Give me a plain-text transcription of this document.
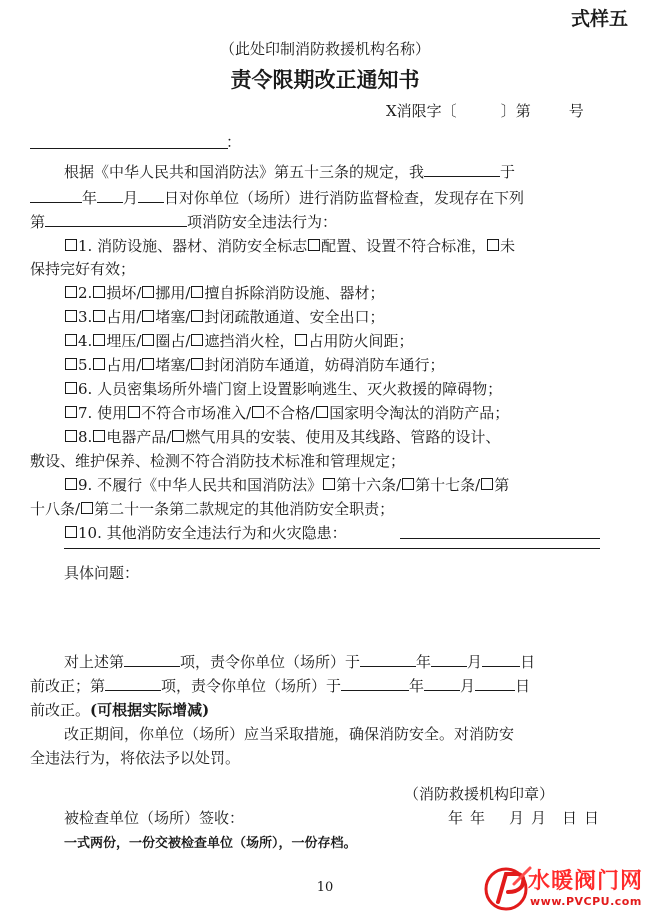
式样五
（此处印制消防救援机构名称）
责令限期改正通知书
X消限字〔	〕第	号
：
根据《中华人民共和国消防法》第五十三条的规定，我	于
年 月 日对你单位（场所）进行消防监督检查，发现存在下列
第	项消防安全违法行为：
1. 消防设施、器材、消防安全标志 配置、设置不符合标准， 未
保持完好有效；
2. 损坏/ 挪用/ 擅自拆除消防设施、器材；
3. 占用/ 堵塞/ 封闭疏散通道、安全出口；
4. 埋压/ 圈占/ 遮挡消火栓， 占用防火间距；
5. 占用/ 堵塞/ 封闭消防车通道，妨碍消防车通行；
6. 人员密集场所外墙门窗上设置影响逃生、灭火救援的障碍物；
7. 使用 不符合市场准入/ 不合格/ 国家明令淘汰的消防产品；
8. 电器产品/ 燃气用具的安装、使用及其线路、管路的设计、
敷设、维护保养、检测不符合消防技术标准和管理规定；
9. 不履行《中华人民共和国消防法》 第十六条/ 第十七条/ 第
十八条/ 第二十一条第二款规定的其他消防安全职责；
10. 其他消防安全违法行为和火灾隐患：
具体问题：
对上述第	项，责令你单位（场所）于	年 月	日
前改正；第	项，责令你单位（场所）于	年 月	日
前改正。(可根据实际增减)
改正期间，你单位（场所）应当采取措施，确保消防安全。对消防安
全违法行为，将依法予以处罚。
（消防救援机构印章）
年	月	日
被检查单位（场所）签收：	年	月	日
一式两份，一份交被检查单位（场所），一份存档。
10	水暖阀门网
www.PVCPU.com
